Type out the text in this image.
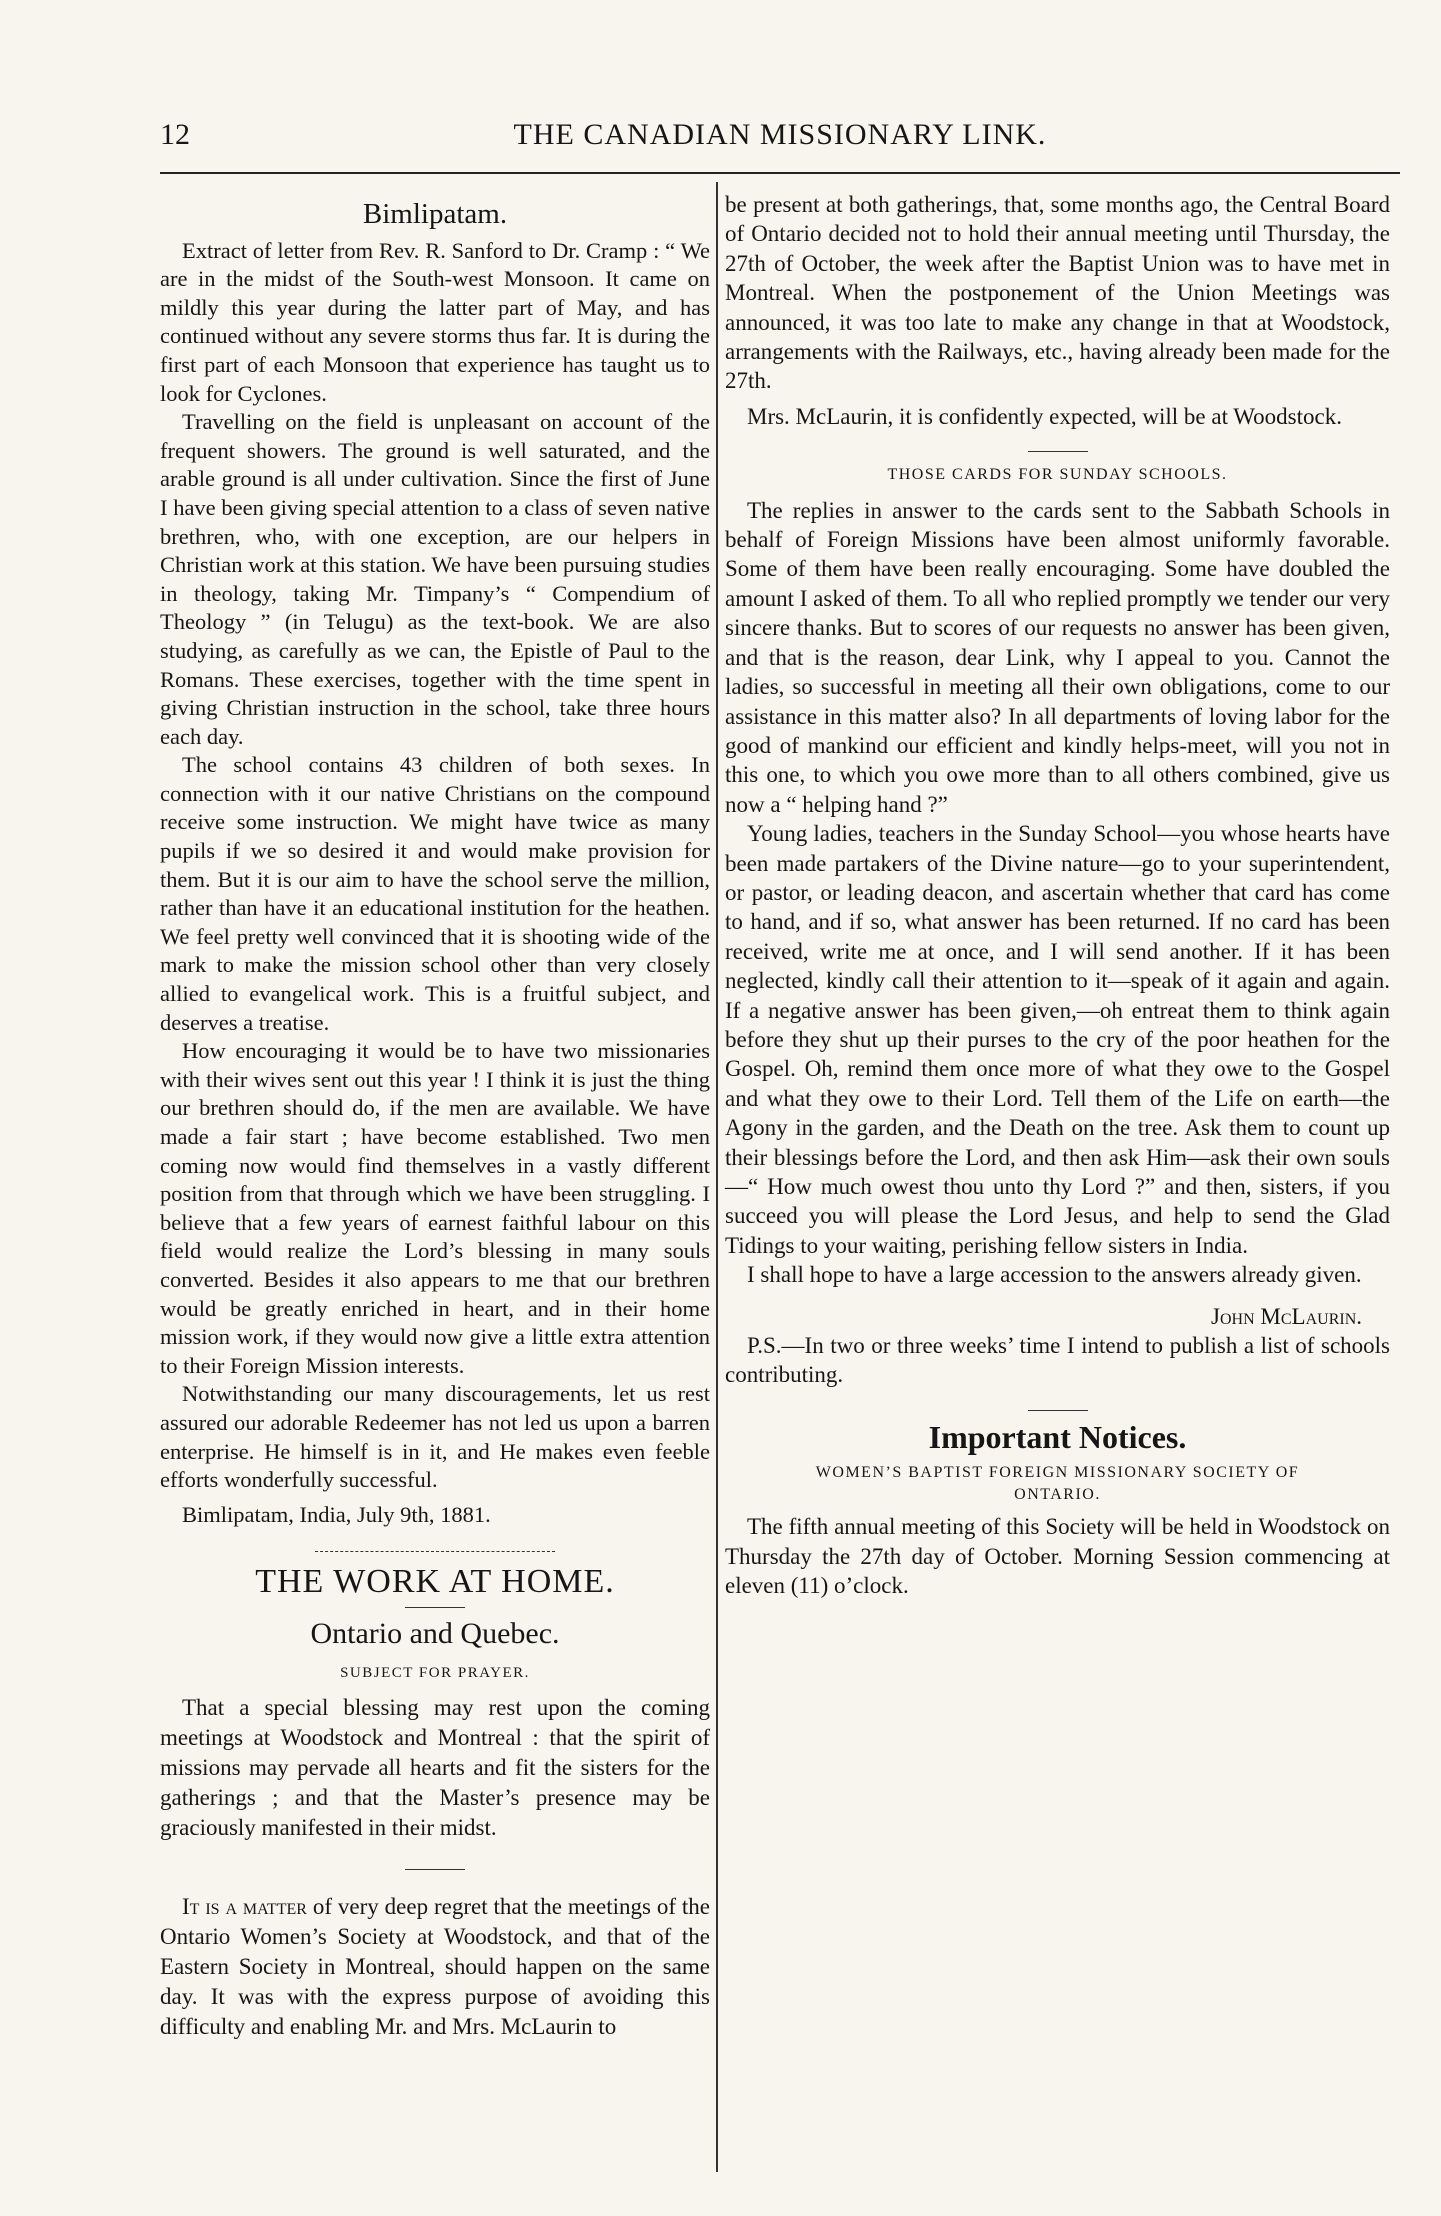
12	THE CANADIAN MISSIONARY LINK.
Bimlipatam.

Extract of letter from Rev. R. Sanford to Dr. Cramp : “ We are in the midst of the South-west Monsoon. It came on mildly this year during the latter part of May, and has continued without any severe storms thus far. It is during the first part of each Monsoon that experience has taught us to look for Cyclones.

Travelling on the field is unpleasant on account of the frequent showers. The ground is well saturated, and the arable ground is all under cultivation. Since the first of June I have been giving special attention to a class of seven native brethren, who, with one exception, are our helpers in Christian work at this station. We have been pursuing studies in theology, taking Mr. Timpany’s “ Compendium of Theology ” (in Telugu) as the text-book. We are also studying, as carefully as we can, the Epistle of Paul to the Romans. These exercises, together with the time spent in giving Christian instruction in the school, take three hours each day.

The school contains 43 children of both sexes. In connection with it our native Christians on the compound receive some instruction. We might have twice as many pupils if we so desired it and would make provision for them. But it is our aim to have the school serve the million, rather than have it an educational institution for the heathen. We feel pretty well convinced that it is shooting wide of the mark to make the mission school other than very closely allied to evangelical work. This is a fruitful subject, and deserves a treatise.

How encouraging it would be to have two missionaries with their wives sent out this year ! I think it is just the thing our brethren should do, if the men are available. We have made a fair start ; have become established. Two men coming now would find themselves in a vastly different position from that through which we have been struggling. I believe that a few years of earnest faithful labour on this field would realize the Lord’s blessing in many souls converted. Besides it also appears to me that our brethren would be greatly enriched in heart, and in their home mission work, if they would now give a little extra attention to their Foreign Mission interests.

Notwithstanding our many discouragements, let us rest assured our adorable Redeemer has not led us upon a barren enterprise. He himself is in it, and He makes even feeble efforts wonderfully successful.

Bimlipatam, India, July 9th, 1881.

THE WORK AT HOME.
Ontario and Quebec.
SUBJECT FOR PRAYER.

That a special blessing may rest upon the coming meetings at Woodstock and Montreal : that the spirit of missions may pervade all hearts and fit the sisters for the gatherings ; and that the Master’s presence may be graciously manifested in their midst.

It is a matter of very deep regret that the meetings of the Ontario Women’s Society at Woodstock, and that of the Eastern Society in Montreal, should happen on the same day. It was with the express purpose of avoiding this difficulty and enabling Mr. and Mrs. McLaurin to

be present at both gatherings, that, some months ago, the Central Board of Ontario decided not to hold their annual meeting until Thursday, the 27th of October, the week after the Baptist Union was to have met in Montreal. When the postponement of the Union Meetings was announced, it was too late to make any change in that at Woodstock, arrangements with the Railways, etc., having already been made for the 27th.

Mrs. McLaurin, it is confidently expected, will be at Woodstock.

THOSE CARDS FOR SUNDAY SCHOOLS.

The replies in answer to the cards sent to the Sabbath Schools in behalf of Foreign Missions have been almost uniformly favorable. Some of them have been really encouraging. Some have doubled the amount I asked of them. To all who replied promptly we tender our very sincere thanks. But to scores of our requests no answer has been given, and that is the reason, dear Link, why I appeal to you. Cannot the ladies, so successful in meeting all their own obligations, come to our assistance in this matter also? In all departments of loving labor for the good of mankind our efficient and kindly helps-meet, will you not in this one, to which you owe more than to all others combined, give us now a “ helping hand ?”

Young ladies, teachers in the Sunday School—you whose hearts have been made partakers of the Divine nature—go to your superintendent, or pastor, or leading deacon, and ascertain whether that card has come to hand, and if so, what answer has been returned. If no card has been received, write me at once, and I will send another. If it has been neglected, kindly call their attention to it—speak of it again and again. If a negative answer has been given,—oh entreat them to think again before they shut up their purses to the cry of the poor heathen for the Gospel. Oh, remind them once more of what they owe to the Gospel and what they owe to their Lord. Tell them of the Life on earth—the Agony in the garden, and the Death on the tree. Ask them to count up their blessings before the Lord, and then ask Him—ask their own souls—“ How much owest thou unto thy Lord ?” and then, sisters, if you succeed you will please the Lord Jesus, and help to send the Glad Tidings to your waiting, perishing fellow sisters in India.

I shall hope to have a large accession to the answers already given.

John McLaurin.

P.S.—In two or three weeks’ time I intend to publish a list of schools contributing.

Important Notices.
WOMEN’S BAPTIST FOREIGN MISSIONARY SOCIETY OF ONTARIO.

The fifth annual meeting of this Society will be held in Woodstock on Thursday the 27th day of October. Morning Session commencing at eleven (11) o’clock.
